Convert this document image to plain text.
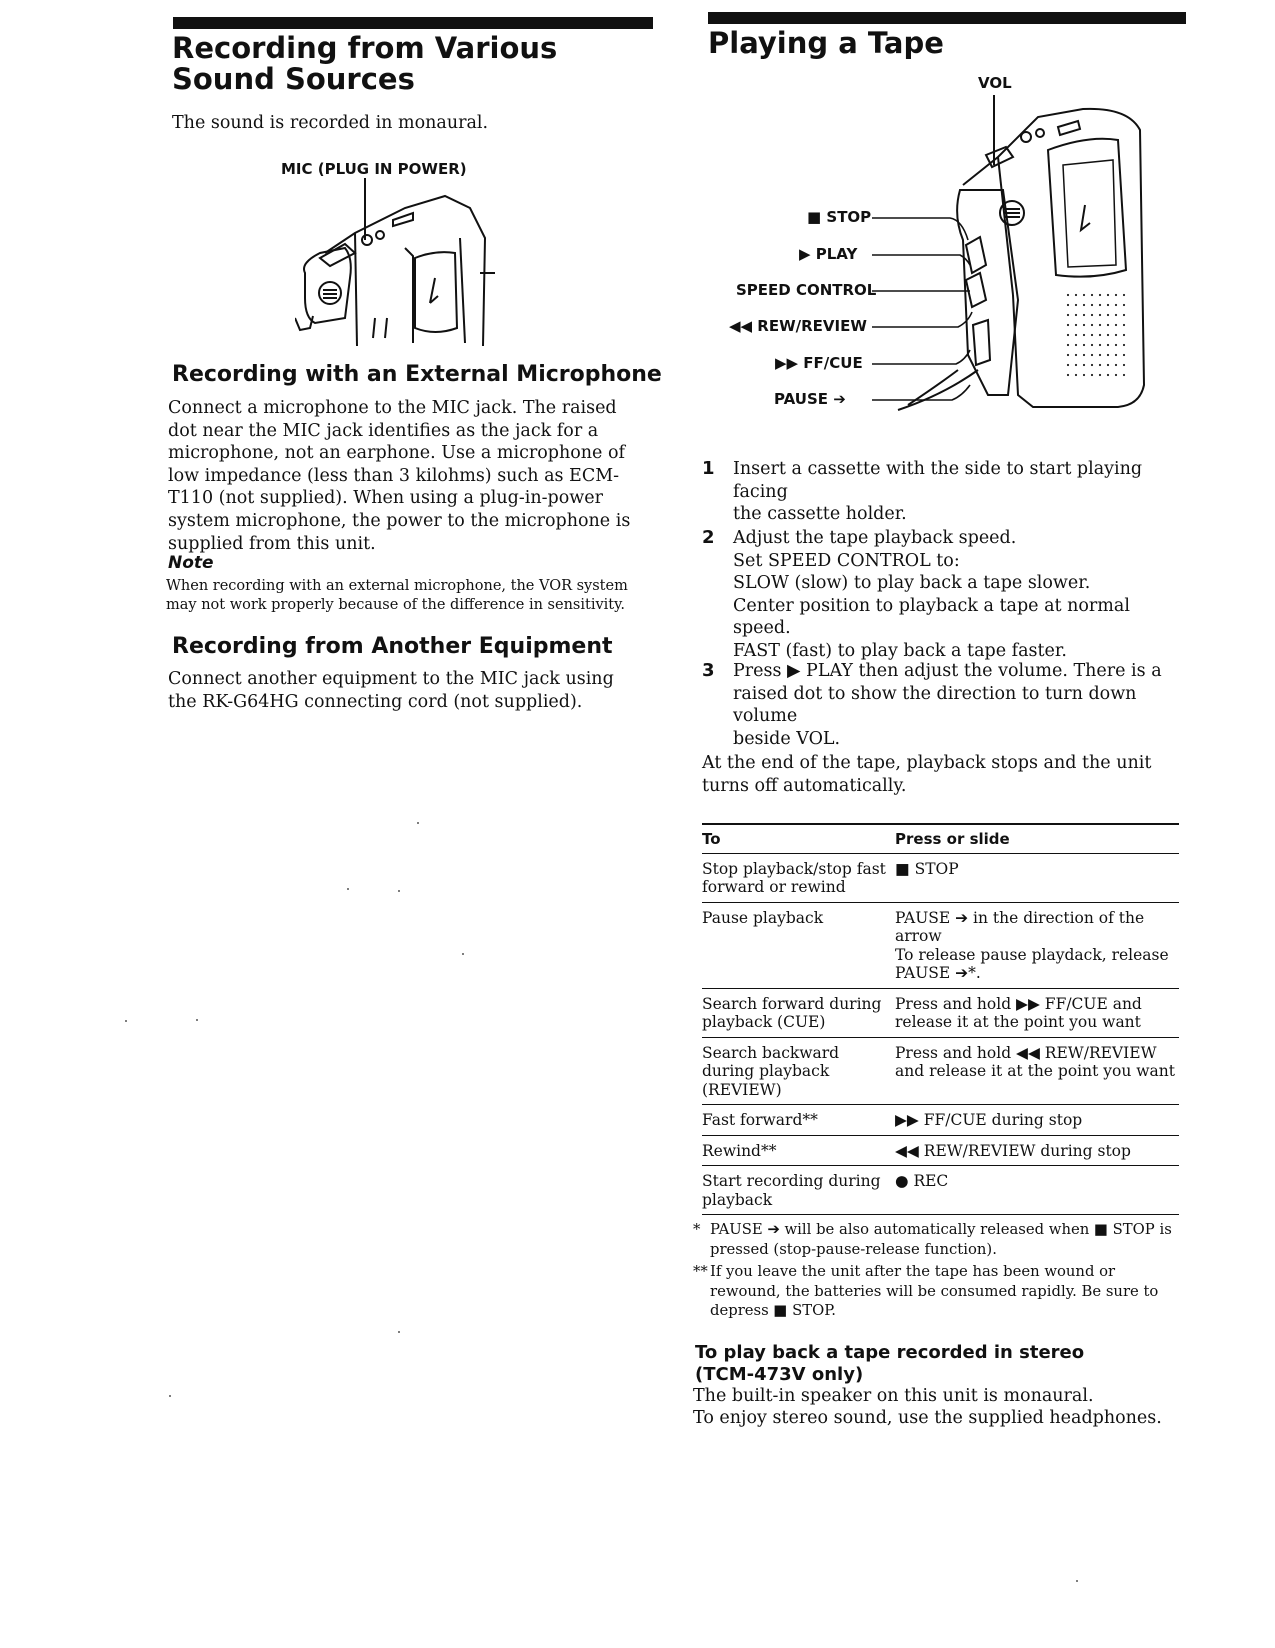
Recording from Various Sound Sources

The sound is recorded in monaural.

MIC (PLUG IN POWER)
Recording with an External Microphone

Connect a microphone to the MIC jack. The raised dot near the MIC jack identifies as the jack for a microphone, not an earphone. Use a microphone of low impedance (less than 3 kilohms) such as ECM-T110 (not supplied). When using a plug-in-power system microphone, the power to the microphone is supplied from this unit.

Note

When recording with an external microphone, the VOR system may not work properly because of the difference in sensitivity.

Recording from Another Equipment

Connect another equipment to the MIC jack using the RK-G64HG connecting cord (not supplied).

Playing a Tape
VOL
■ STOP
▶ PLAY
SPEED CONTROL
◀◀ REW/REVIEW
▶▶ FF/CUE
PAUSE ➔
1 Insert a cassette with the side to start playing facing
the cassette holder.
2 Adjust the tape playback speed.
Set SPEED CONTROL to:
SLOW (slow) to play back a tape slower.
Center position to playback a tape at normal speed.
FAST (fast) to play back a tape faster.
3 Press ▶ PLAY then adjust the volume. There is a
raised dot to show the direction to turn down volume
beside VOL.

At the end of the tape, playback stops and the unit turns off automatically.

To	Press or slide

Stop playback/stop fast forward or rewind	■ STOP

Pause playback	PAUSE ➔ in the direction of the arrow
To release pause playdack, release PAUSE ➔*.

Search forward during playback (CUE)	Press and hold ▶▶ FF/CUE and release it at the point you want

Search backward during playback (REVIEW)	Press and hold ◀◀ REW/REVIEW and release it at the point you want

Fast forward**	▶▶ FF/CUE during stop

Rewind**	◀◀ REW/REVIEW during stop

Start recording during playback	● REC
* PAUSE ➔ will be also automatically released when ■ STOP is pressed (stop-pause-release function).
** If you leave the unit after the tape has been wound or rewound, the batteries will be consumed rapidly. Be sure to depress ■ STOP.
To play back a tape recorded in stereo (TCM-473V only)

The built-in speaker on this unit is monaural.

To enjoy stereo sound, use the supplied headphones.
